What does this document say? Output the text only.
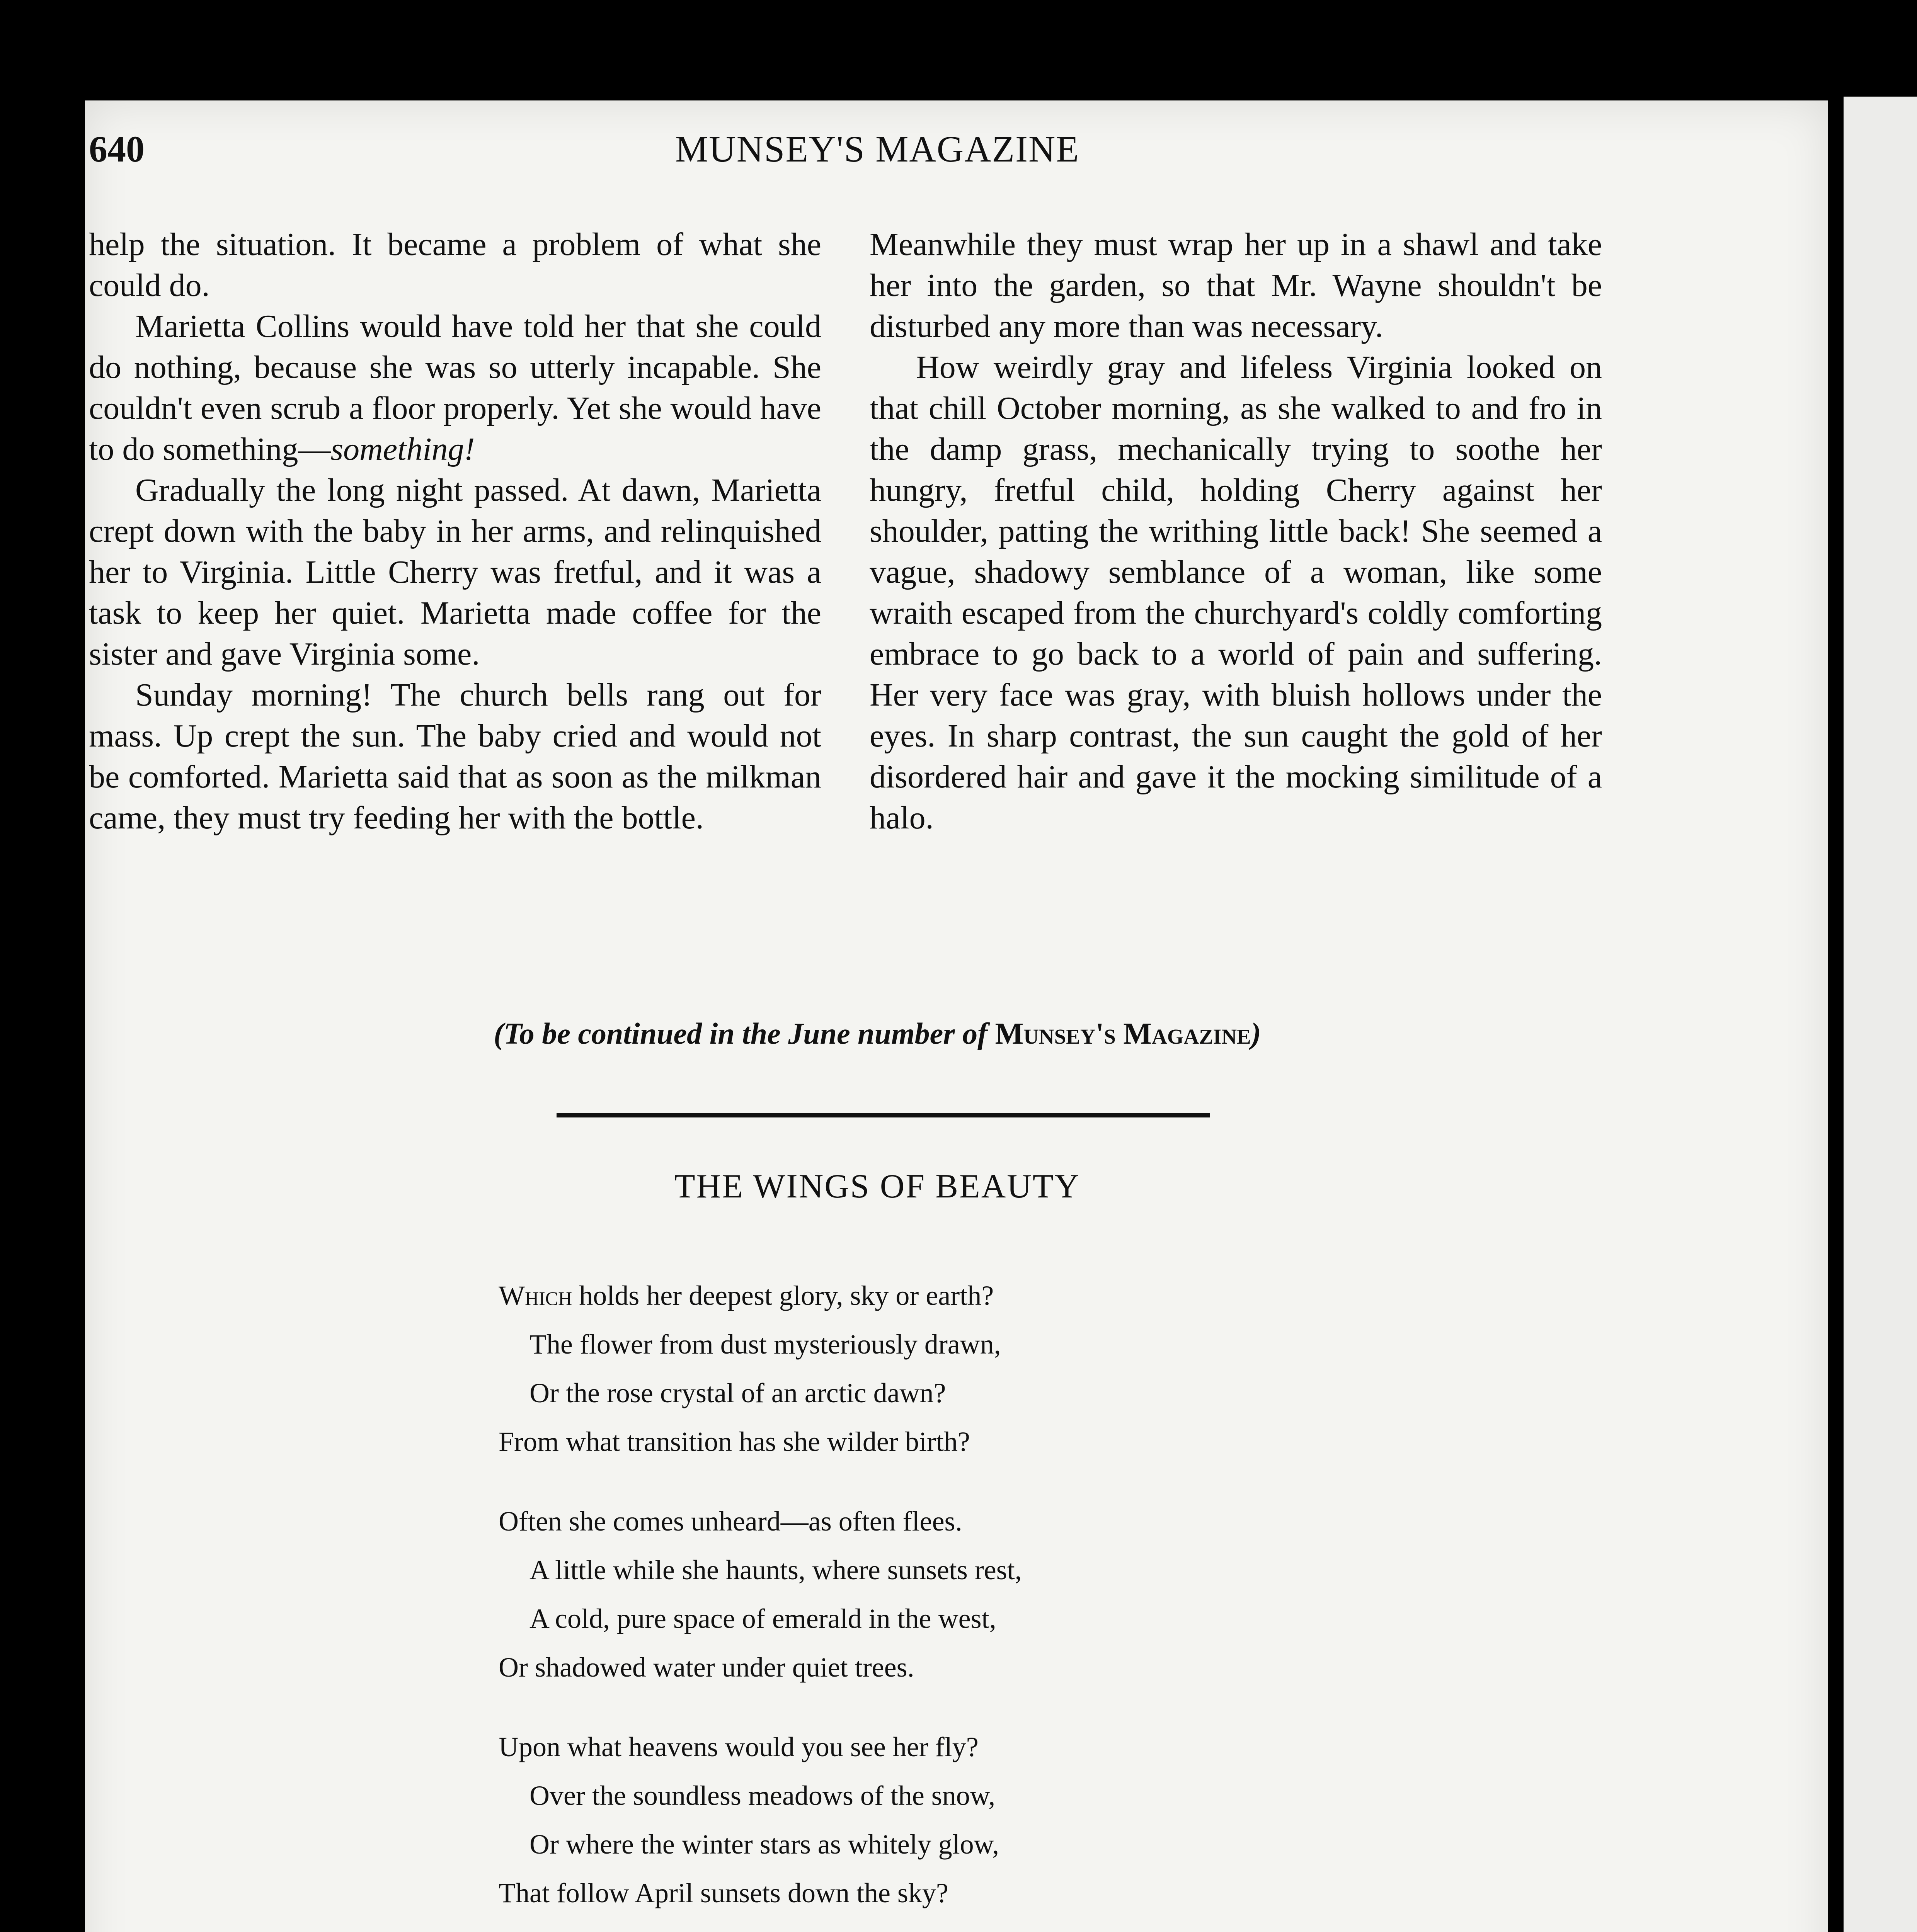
640	MUNSEY'S MAGAZINE

help the situation. It became a problem of what she could do.

Marietta Collins would have told her that she could do nothing, because she was so utterly incapable. She couldn't even scrub a floor properly. Yet she would have to do something—something!

Gradually the long night passed. At dawn, Marietta crept down with the baby in her arms, and relinquished her to Virginia. Little Cherry was fretful, and it was a task to keep her quiet. Marietta made coffee for the sister and gave Virginia some.

Sunday morning! The church bells rang out for mass. Up crept the sun. The baby cried and would not be comforted. Marietta said that as soon as the milkman came, they must try feeding her with the bottle.

Meanwhile they must wrap her up in a shawl and take her into the garden, so that Mr. Wayne shouldn't be disturbed any more than was necessary.

How weirdly gray and lifeless Virginia looked on that chill October morning, as she walked to and fro in the damp grass, mechanically trying to soothe her hungry, fretful child, holding Cherry against her shoulder, patting the writhing little back! She seemed a vague, shadowy semblance of a woman, like some wraith escaped from the churchyard's coldly comforting embrace to go back to a world of pain and suffering. Her very face was gray, with bluish hollows under the eyes. In sharp contrast, the sun caught the gold of her disordered hair and gave it the mocking similitude of a halo.

(To be continued in the June number of Munsey's Magazine)
THE WINGS OF BEAUTY
Which holds her deepest glory, sky or earth?
The flower from dust mysteriously drawn,
Or the rose crystal of an arctic dawn?
From what transition has she wilder birth?
Often she comes unheard—as often flees.
A little while she haunts, where sunsets rest,
A cold, pure space of emerald in the west,
Or shadowed water under quiet trees.
Upon what heavens would you see her fly?
Over the soundless meadows of the snow,
Or where the winter stars as whitely glow,
That follow April sunsets down the sky?
